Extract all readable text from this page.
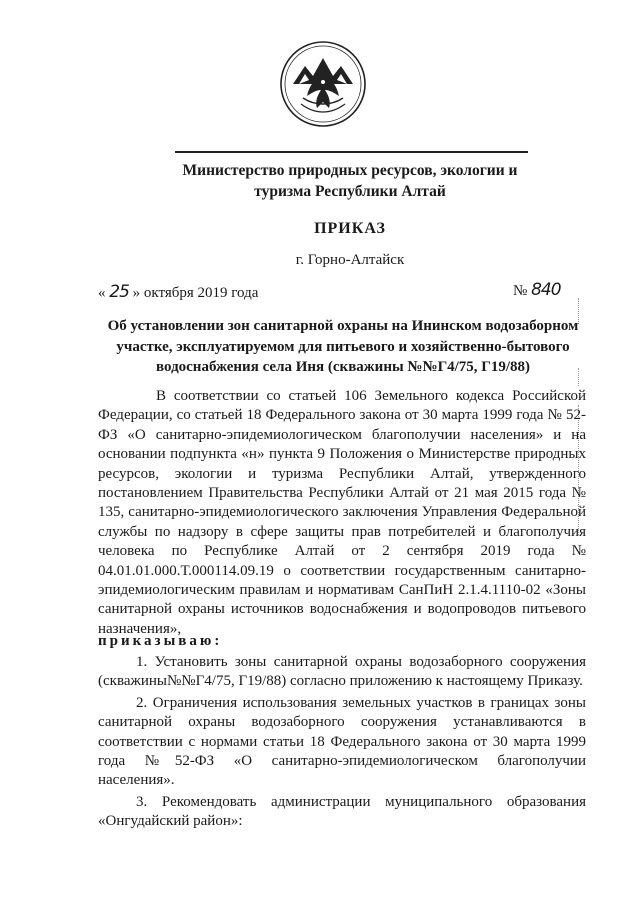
Министерство природных ресурсов, экологии и
туризма Республики Алтай
ПРИКАЗ
г. Горно-Алтайск
« 25 » октября 2019 года	№ 840
Об установлении зон санитарной охраны на Ининском водозаборном
участке, эксплуатируемом для питьевого и хозяйственно-бытового
водоснабжения села Иня (скважины №№Г4/75, Г19/88)

В соответствии со статьей 106 Земельного кодекса Российской Федерации, со статьей 18 Федерального закона от 30 марта 1999 года № 52-ФЗ «О санитарно-эпидемиологическом благополучии населения» и на основании подпункта «н» пункта 9 Положения о Министерстве природных ресурсов, экологии и туризма Республики Алтай, утвержденного постановлением Правительства Республики Алтай от 21 мая 2015 года № 135, санитарно-эпидемиологического заключения Управления Федеральной службы по надзору в сфере защиты прав потребителей и благополучия человека по Республике Алтай от 2 сентября 2019 года № 04.01.01.000.Т.000114.09.19 о соответствии государственным санитарно-эпидемиологическим правилам и нормативам СанПиН 2.1.4.1110-02 «Зоны санитарной охраны источников водоснабжения и водопроводов питьевого назначения»,

приказываю:

1. Установить зоны санитарной охраны водозаборного сооружения (скважины№№Г4/75, Г19/88) согласно приложению к настоящему Приказу.

2. Ограничения использования земельных участков в границах зоны санитарной охраны водозаборного сооружения устанавливаются в соответствии с нормами статьи 18 Федерального закона от 30 марта 1999 года №52-ФЗ «О санитарно-эпидемиологическом благополучии населения».

3. Рекомендовать администрации муниципального образования «Онгудайский район»:
